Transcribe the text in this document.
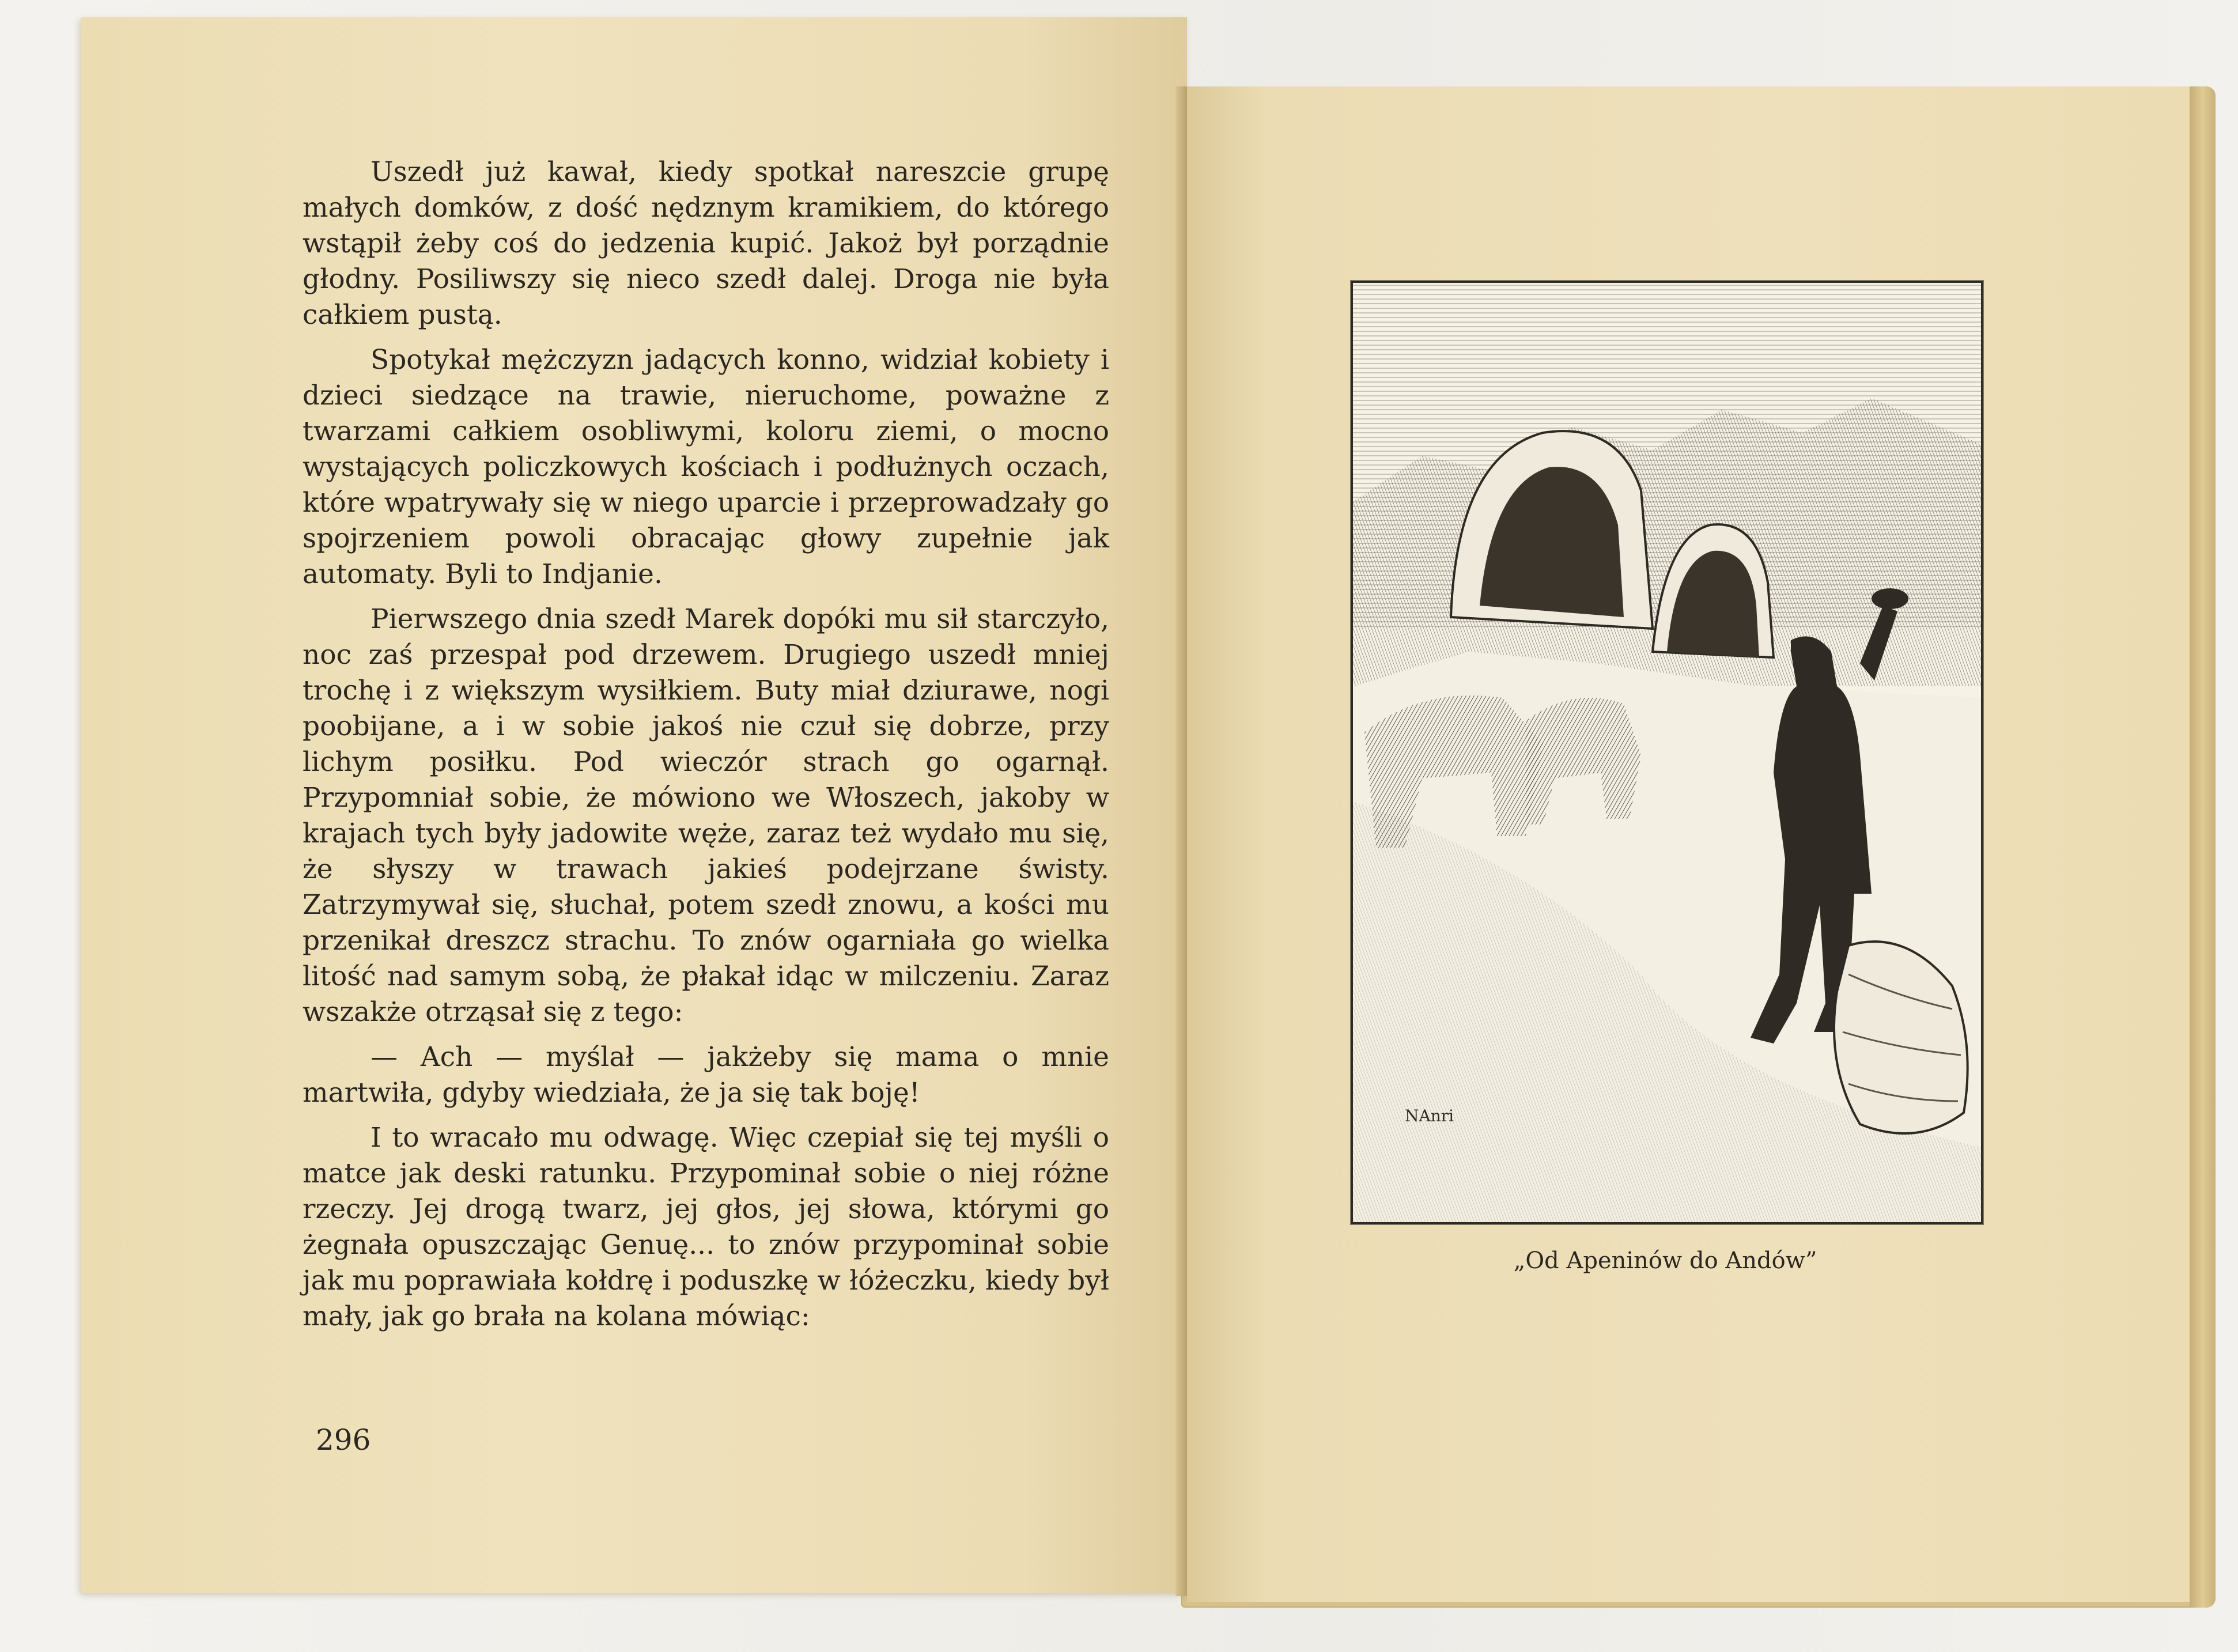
Uszedł już kawał, kiedy spotkał nareszcie grupę małych domków, z dość nędznym kramikiem, do którego wstąpił żeby coś do jedzenia kupić. Jakoż był porządnie głodny. Posiliwszy się nieco szedł dalej. Droga nie była całkiem pustą.

Spotykał mężczyzn jadących konno, widział kobiety i dzieci siedzące na trawie, nieruchome, poważne z twarzami całkiem osobliwymi, koloru ziemi, o mocno wystających policzkowych kościach i podłużnych oczach, które wpatrywały się w niego uparcie i przeprowadzały go spojrzeniem powoli obracając głowy zupełnie jak automaty. Byli to Indjanie.

Pierwszego dnia szedł Marek dopóki mu sił starczyło, noc zaś przespał pod drzewem. Drugiego uszedł mniej trochę i z większym wysiłkiem. Buty miał dziurawe, nogi poobijane, a i w sobie jakoś nie czuł się dobrze, przy lichym posiłku. Pod wieczór strach go ogarnął. Przypomniał sobie, że mówiono we Włoszech, jakoby w krajach tych były jadowite węże, zaraz też wydało mu się, że słyszy w trawach jakieś podejrzane świsty. Zatrzymywał się, słuchał, potem szedł znowu, a kości mu przenikał dreszcz strachu. To znów ogarniała go wielka litość nad samym sobą, że płakał idąc w milczeniu. Zaraz wszakże otrząsał się z tego:

— Ach — myślał — jakżeby się mama o mnie martwiła, gdyby wiedziała, że ja się tak boję!

I to wracało mu odwagę. Więc czepiał się tej myśli o matce jak deski ratunku. Przypominał sobie o niej różne rzeczy. Jej drogą twarz, jej głos, jej słowa, którymi go żegnała opuszczając Genuę... to znów przypominał sobie jak mu poprawiała kołdrę i poduszkę w łóżeczku, kiedy był mały, jak go brała na kolana mówiąc:

296
NAnri
„Od Apeninów do Andów”
